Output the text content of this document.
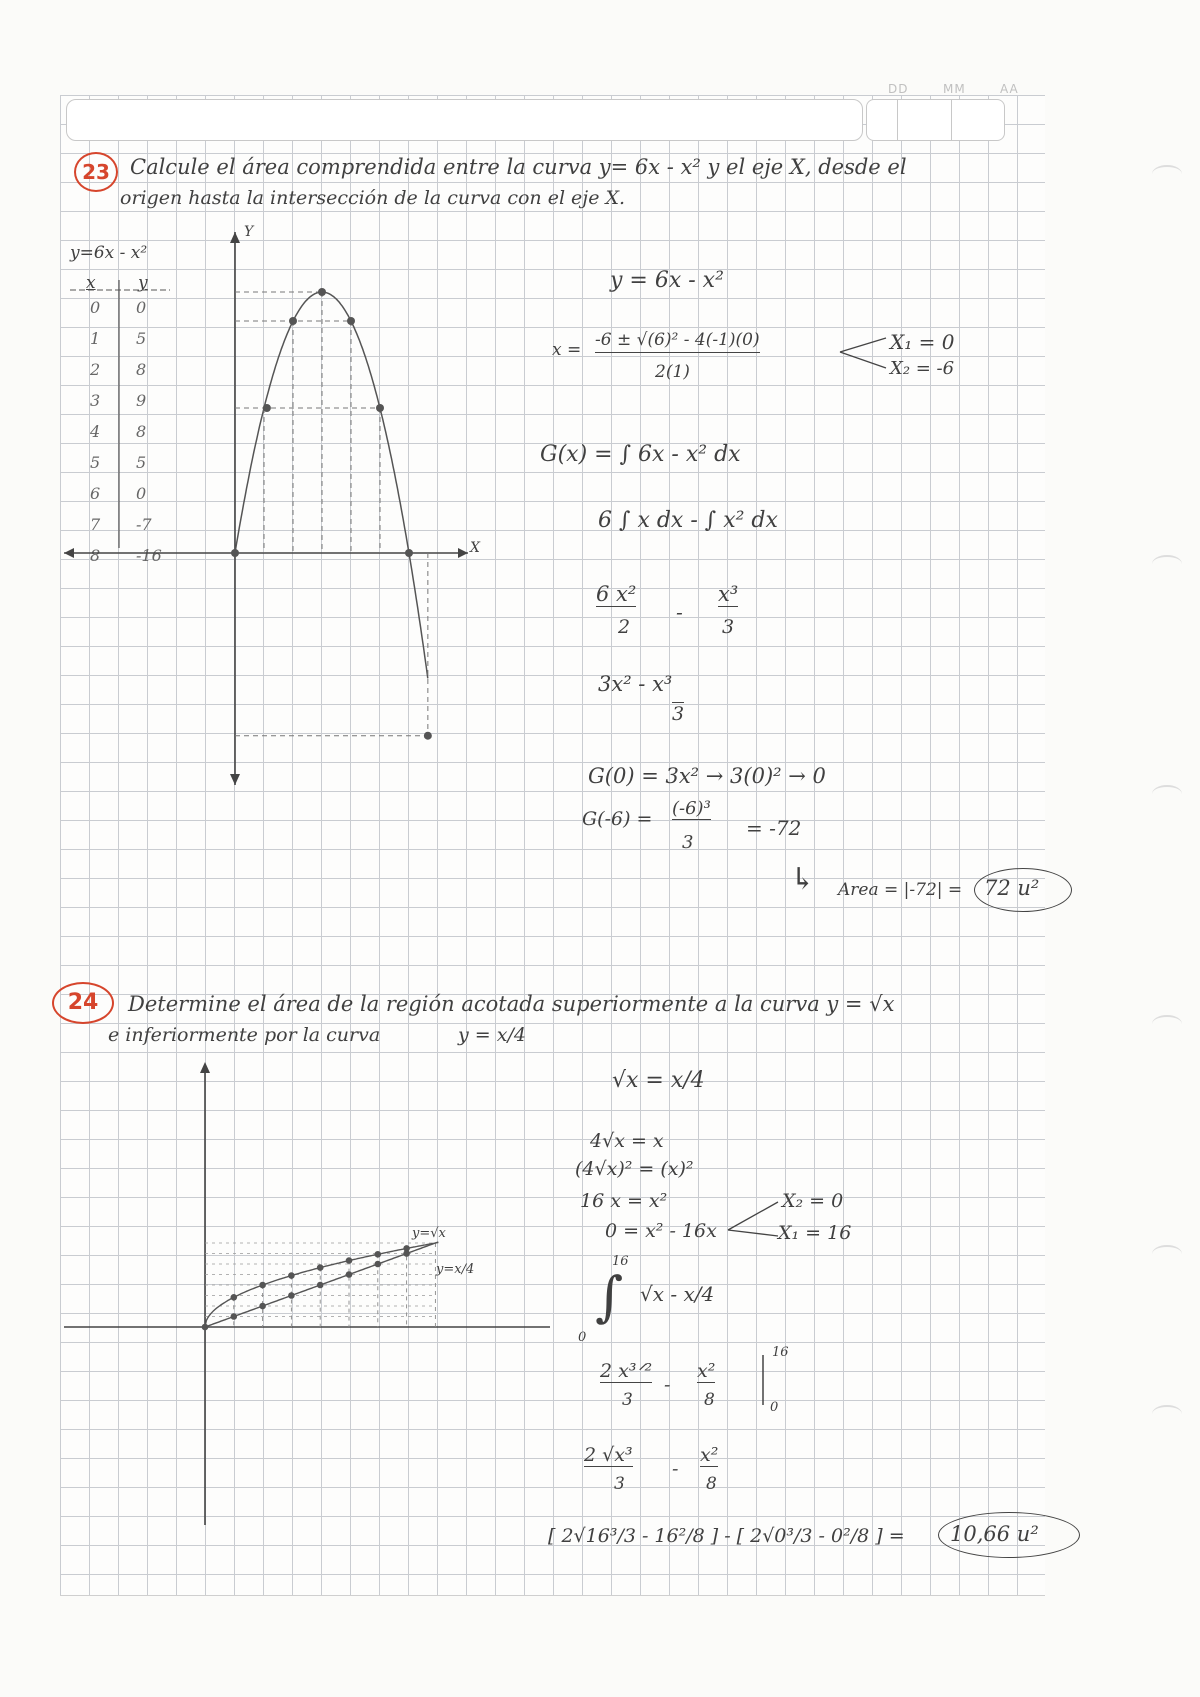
DD	MM	AA
23 Calcule el área comprendida entre la curva y= 6x - x² y el eje X, desde el
origen hasta la intersección de la curva con el eje X.
y=6x - x²
x y
0 0
1 5
2 8
3 9
4 8
5 5
6 0
7 -7
8 -16	X
Y
y = 6x - x²
x = -6 ± √(6)² - 4(-1)(0)
2(1)
X₁ = 0
X₂ = -6
G(x) = ∫ 6x - x² dx
6 ∫ x dx - ∫ x² dx
6 x²
2
-
x³
3
3x² - x³
3
G(0) = 3x² → 3(0)² → 0
G(-6) = (-6)³
3
= -72
↳ Area = |-72| = 72 u²
24	Determine el área de la región acotada superiormente a la curva y = √x
e inferiormente por la curva	y = x/4
y=√x
y=x/4
√x = x/4
4√x = x
(4√x)² = (x)²
16 x = x²
0 = x² - 16x
X₂ = 0
X₁ = 16
16
∫
0
√x - x/4
2 x³ᐟ²
3
-
x²
8
16
0
2 √x³
3
-
x²
8
[ 2√16³/3 - 16²/8 ] - [ 2√0³/3 - 0²/8 ] = 10,66 u²
